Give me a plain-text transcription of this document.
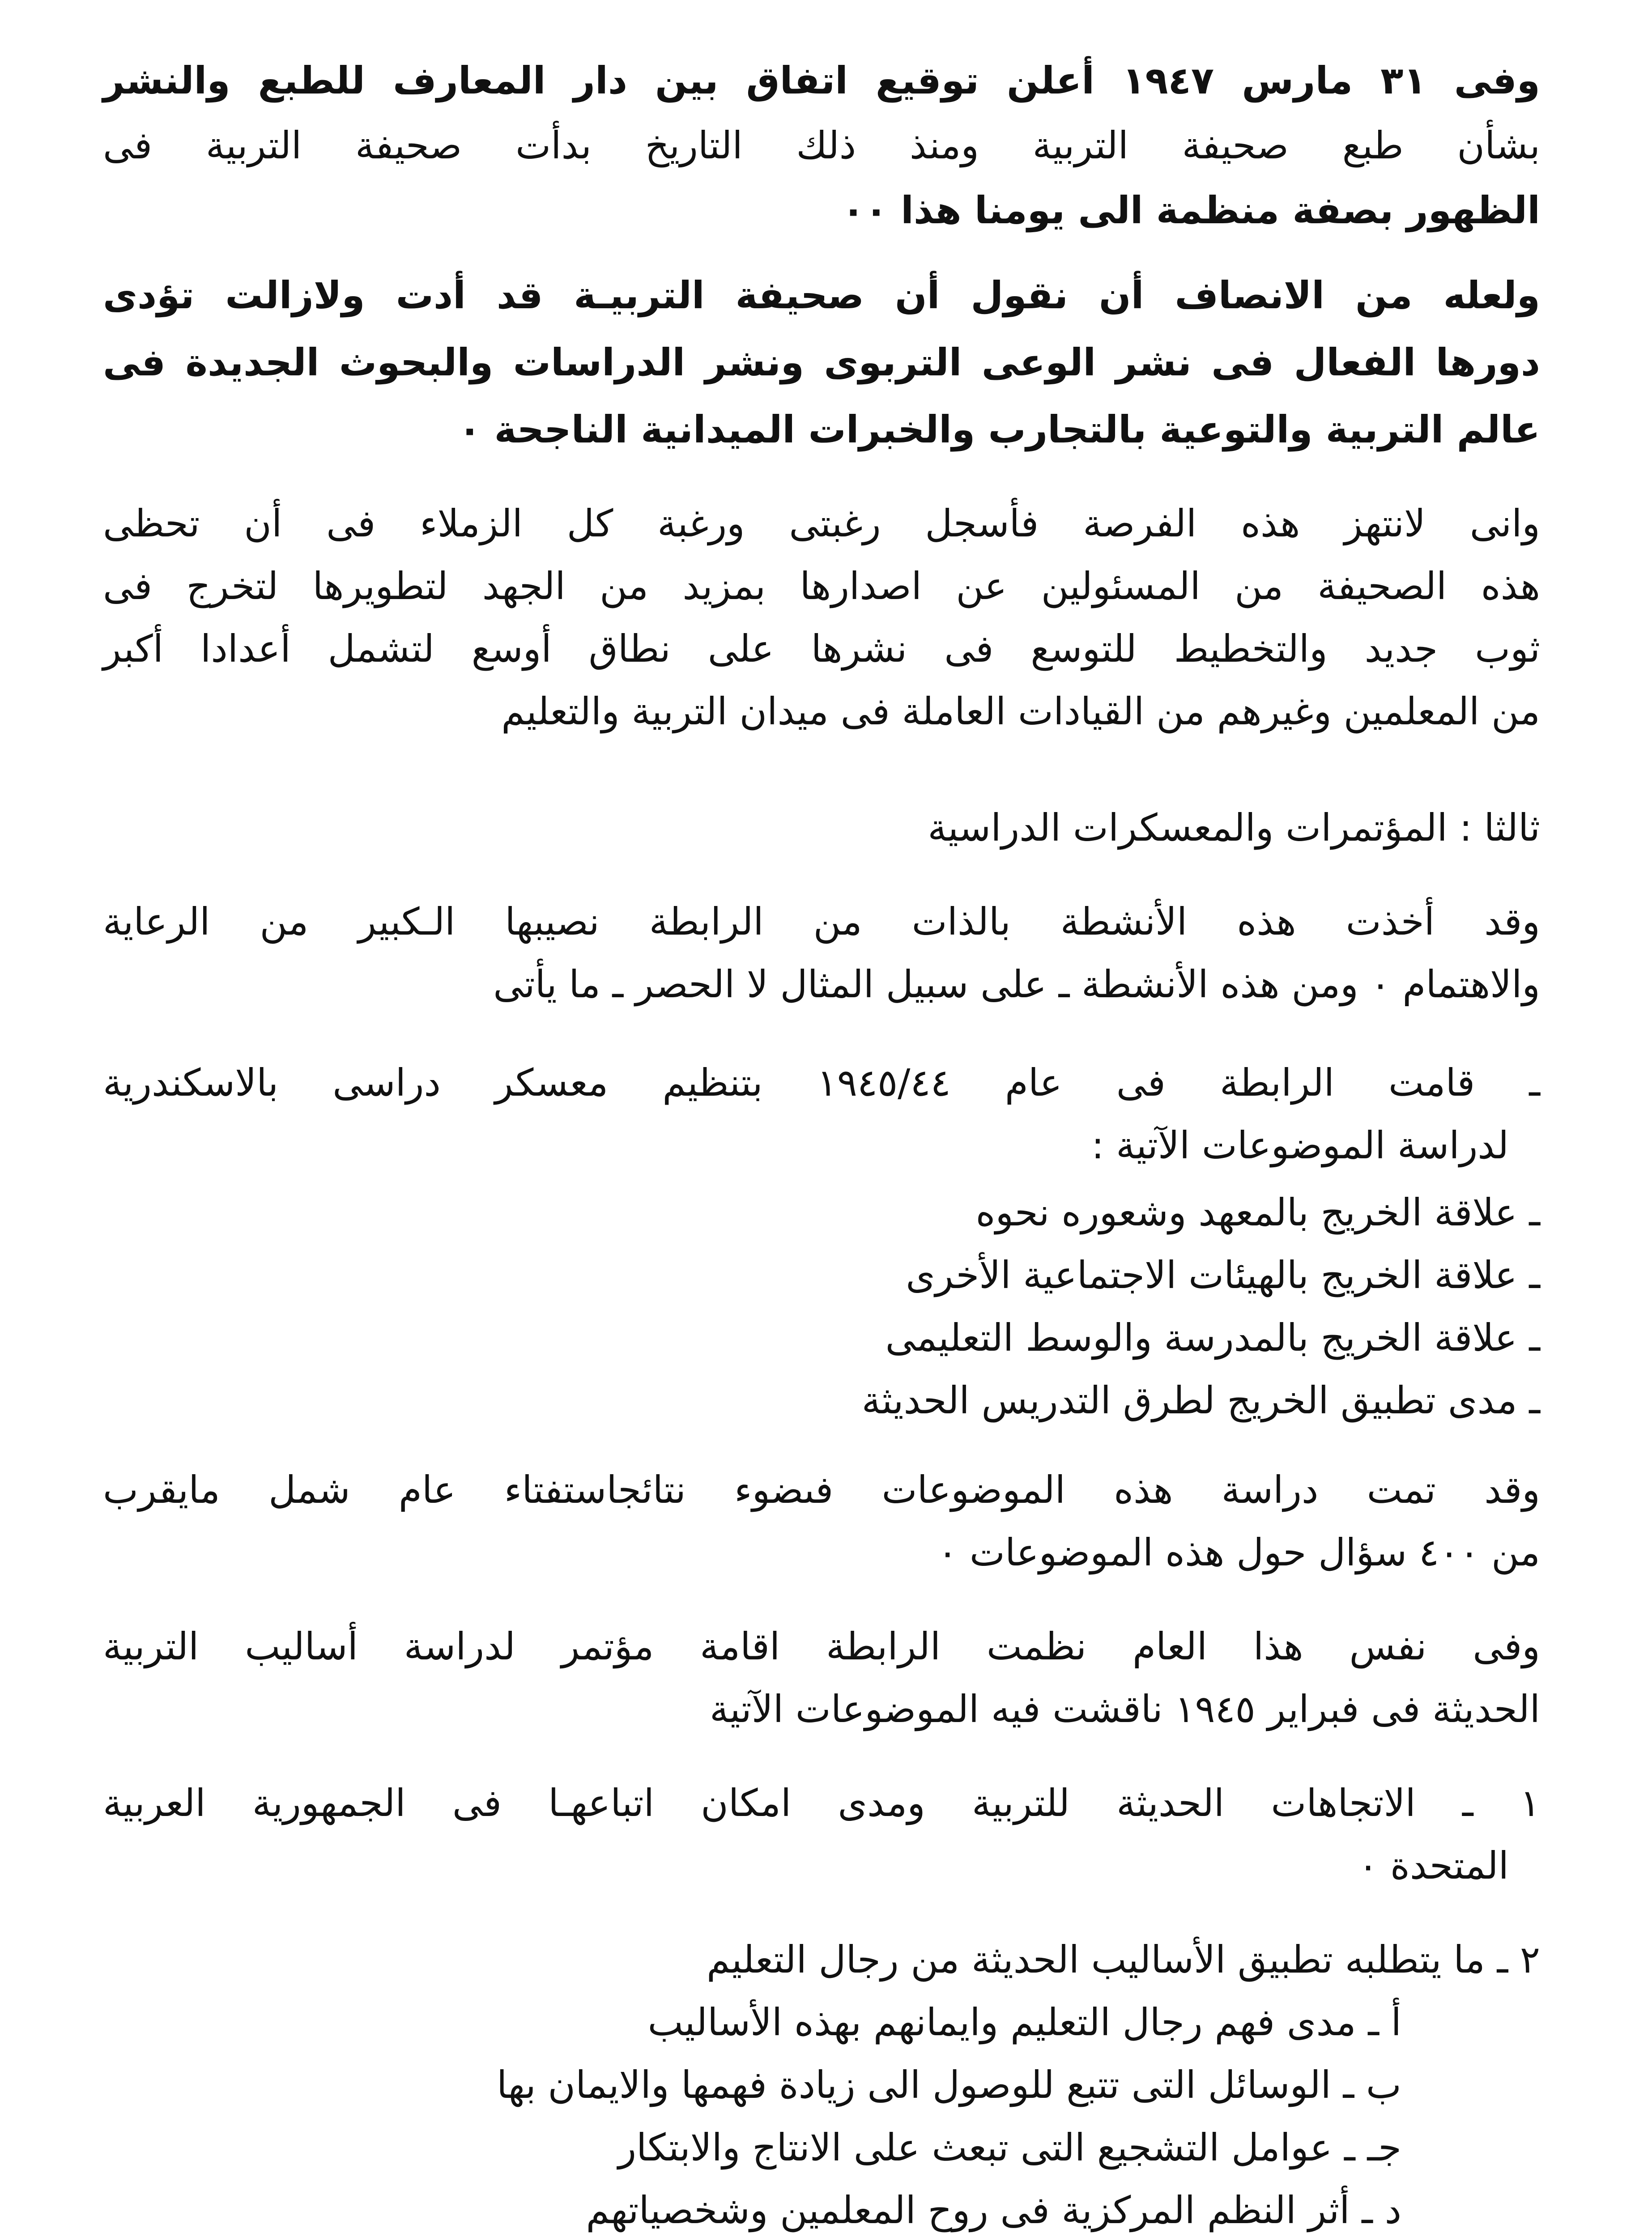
وفى ٣١ مارس ١٩٤٧ أعلن توقيع اتفاق بين دار المعارف للطبع والنشر
بشأن طبع صحيفة التربية ومنذ ذلك التاريخ بدأت صحيفة التربية فى
الظهور بصفة منظمة الى يومنا هذا ٠٠
ولعله من الانصاف أن نقول أن صحيفة التربيـة قد أدت ولازالت تؤدى
دورها الفعال فى نشر الوعى التربوى ونشر الدراسات والبحوث الجديدة فى
عالم التربية والتوعية بالتجارب والخبرات الميدانية الناجحة ٠
وانى لانتهز هذه الفرصة فأسجل رغبتى ورغبة كل الزملاء فى أن تحظى
هذه الصحيفة من المسئولين عن اصدارها بمزيد من الجهد لتطويرها لتخرج فى
ثوب جديد والتخطيط للتوسع فى نشرها على نطاق أوسع لتشمل أعدادا أكبر
من المعلمين وغيرهم من القيادات العاملة فى ميدان التربية والتعليم
ثالثا : المؤتمرات والمعسكرات الدراسية
وقد أخذت هذه الأنشطة بالذات من الرابطة نصيبها الـكبير من الرعاية
والاهتمام ٠ ومن هذه الأنشطة ـ على سبيل المثال لا الحصر ـ ما يأتى
ـ قامت الرابطة فى عام ١٩٤٥/٤٤ بتنظيم معسكر دراسى بالاسكندرية
لدراسة الموضوعات الآتية :
ـ علاقة الخريج بالمعهد وشعوره نحوه
ـ علاقة الخريج بالهيئات الاجتماعية الأخرى
ـ علاقة الخريج بالمدرسة والوسط التعليمى
ـ مدى تطبيق الخريج لطرق التدريس الحديثة
وقد تمت دراسة هذه الموضوعات فىضوء نتائجاستفتاء عام شمل مايقرب
من ٤٠٠ سؤال حول هذه الموضوعات ٠
وفى نفس هذا العام نظمت الرابطة اقامة مؤتمر لدراسة أساليب التربية
الحديثة فى فبراير ١٩٤٥ ناقشت فيه الموضوعات الآتية
١ ـ الاتجاهات الحديثة للتربية ومدى امكان اتباعهـا فى الجمهورية العربية
المتحدة ٠
٢ ـ ما يتطلبه تطبيق الأساليب الحديثة من رجال التعليم
أ ـ مدى فهم رجال التعليم وايمانهم بهذه الأساليب
ب ـ الوسائل التى تتبع للوصول الى زيادة فهمها والايمان بها
جـ ـ عوامل التشجيع التى تبعث على الانتاج والابتكار
د ـ أثر النظم المركزية فى روح المعلمين وشخصياتهم
